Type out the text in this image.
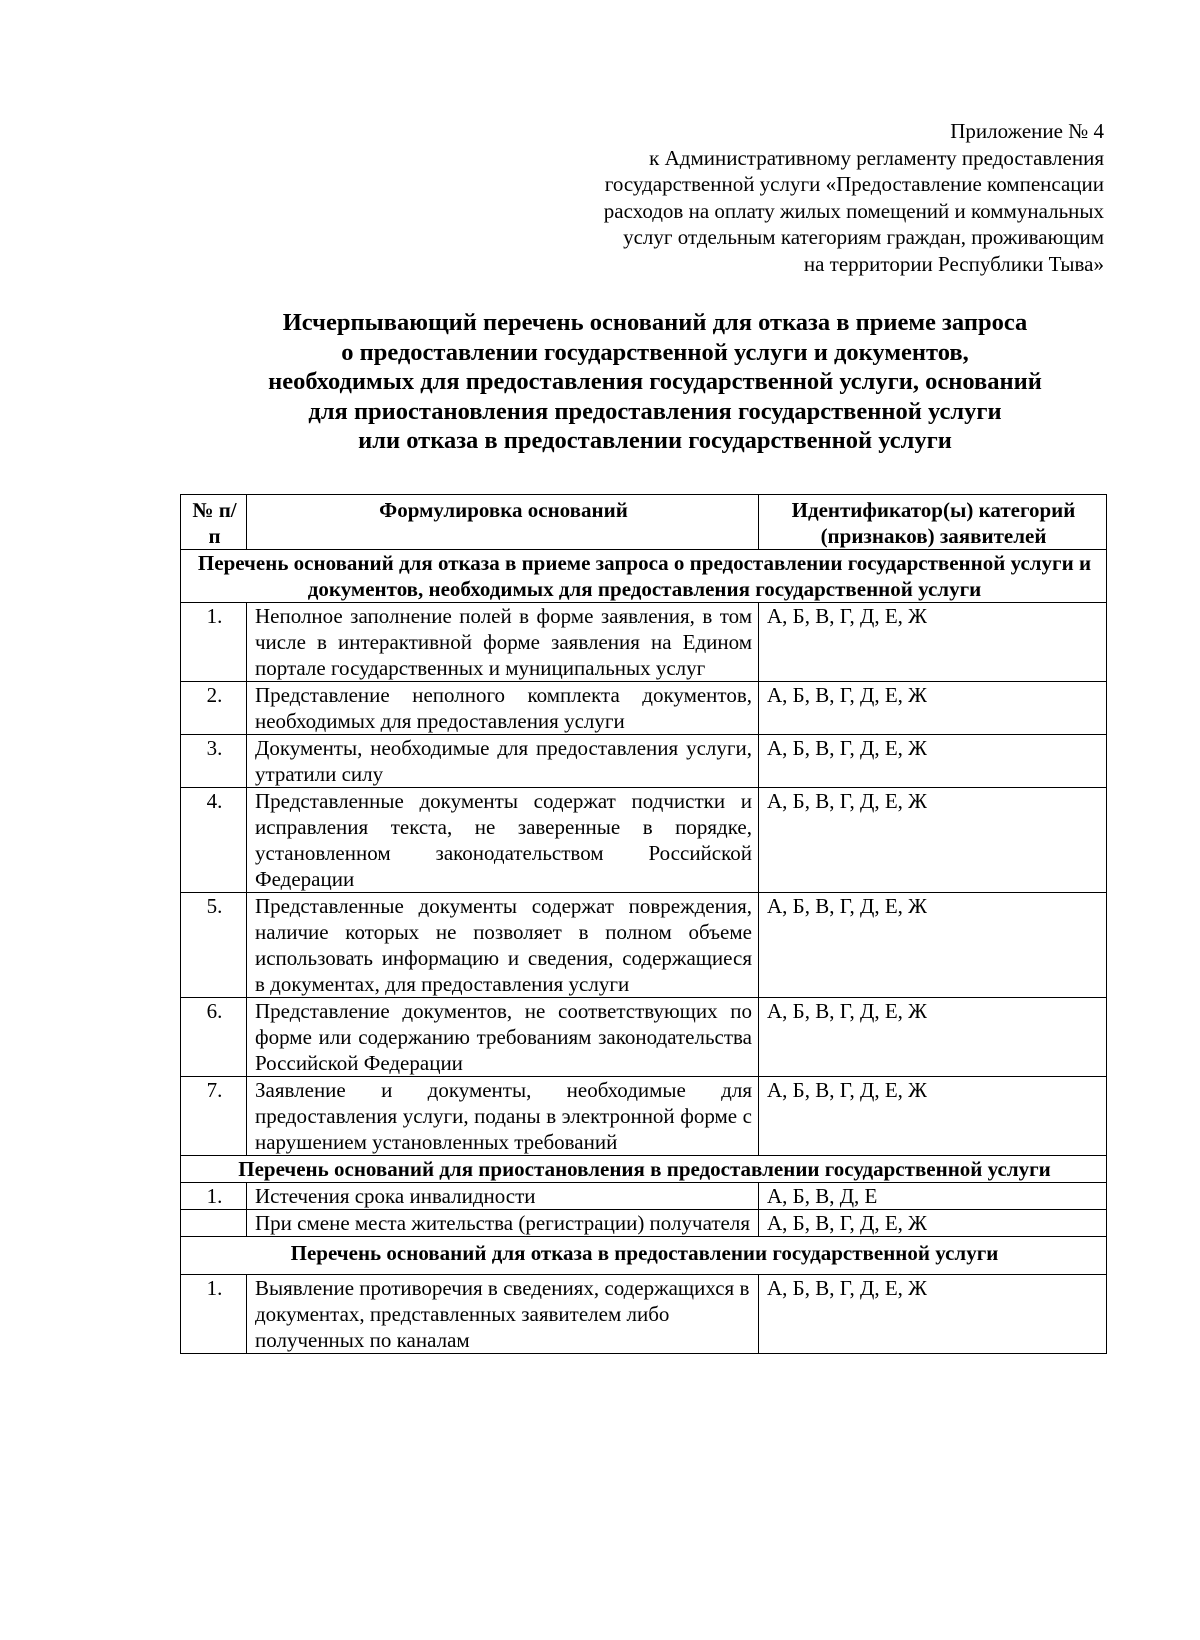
Приложение № 4
к Административному регламенту предоставления
государственной услуги «Предоставление компенсации
расходов на оплату жилых помещений и коммунальных
услуг отдельным категориям граждан, проживающим
на территории Республики Тыва»
Исчерпывающий перечень оснований для отказа в приеме запроса
о предоставлении государственной услуги и документов,
необходимых для предоставления государственной услуги, оснований
для приостановления предоставления государственной услуги
или отказа в предоставлении государственной услуги
№ п/п	Формулировка оснований	Идентификатор(ы) категорий (признаков) заявителей
Перечень оснований для отказа в приеме запроса о предоставлении государственной услуги и документов, необходимых для предоставления государственной услуги		
1.	Неполное заполнение полей в форме заявления, в том числе в интерактивной форме заявления на Едином портале государственных и муниципальных услуг	А, Б, В, Г, Д, Е, Ж
2.	Представление неполного комплекта документов, необходимых для предоставления услуги	А, Б, В, Г, Д, Е, Ж
3.	Документы, необходимые для предоставления услуги, утратили силу	А, Б, В, Г, Д, Е, Ж
4.	Представленные документы содержат подчистки и исправления текста, не заверенные в порядке, установленном законодательством Российской Федерации	А, Б, В, Г, Д, Е, Ж
5.	Представленные документы содержат повреждения, наличие которых не позволяет в полном объеме использовать информацию и сведения, содержащиеся в документах, для предоставления услуги	А, Б, В, Г, Д, Е, Ж
6.	Представление документов, не соответствующих по форме или содержанию требованиям законодательства Российской Федерации	А, Б, В, Г, Д, Е, Ж
7.	Заявление и документы, необходимые для предоставления услуги, поданы в электронной форме с нарушением установленных требований	А, Б, В, Г, Д, Е, Ж
Перечень оснований для приостановления в предоставлении государственной услуги		
1.	Истечения срока инвалидности	А, Б, В, Д, Е
	При смене места жительства (регистрации) получателя	А, Б, В, Г, Д, Е, Ж
Перечень оснований для отказа в предоставлении государственной услуги		
1.	Выявление противоречия в сведениях, содержащихся в документах, представленных заявителем либо полученных по каналам	А, Б, В, Г, Д, Е, Ж
